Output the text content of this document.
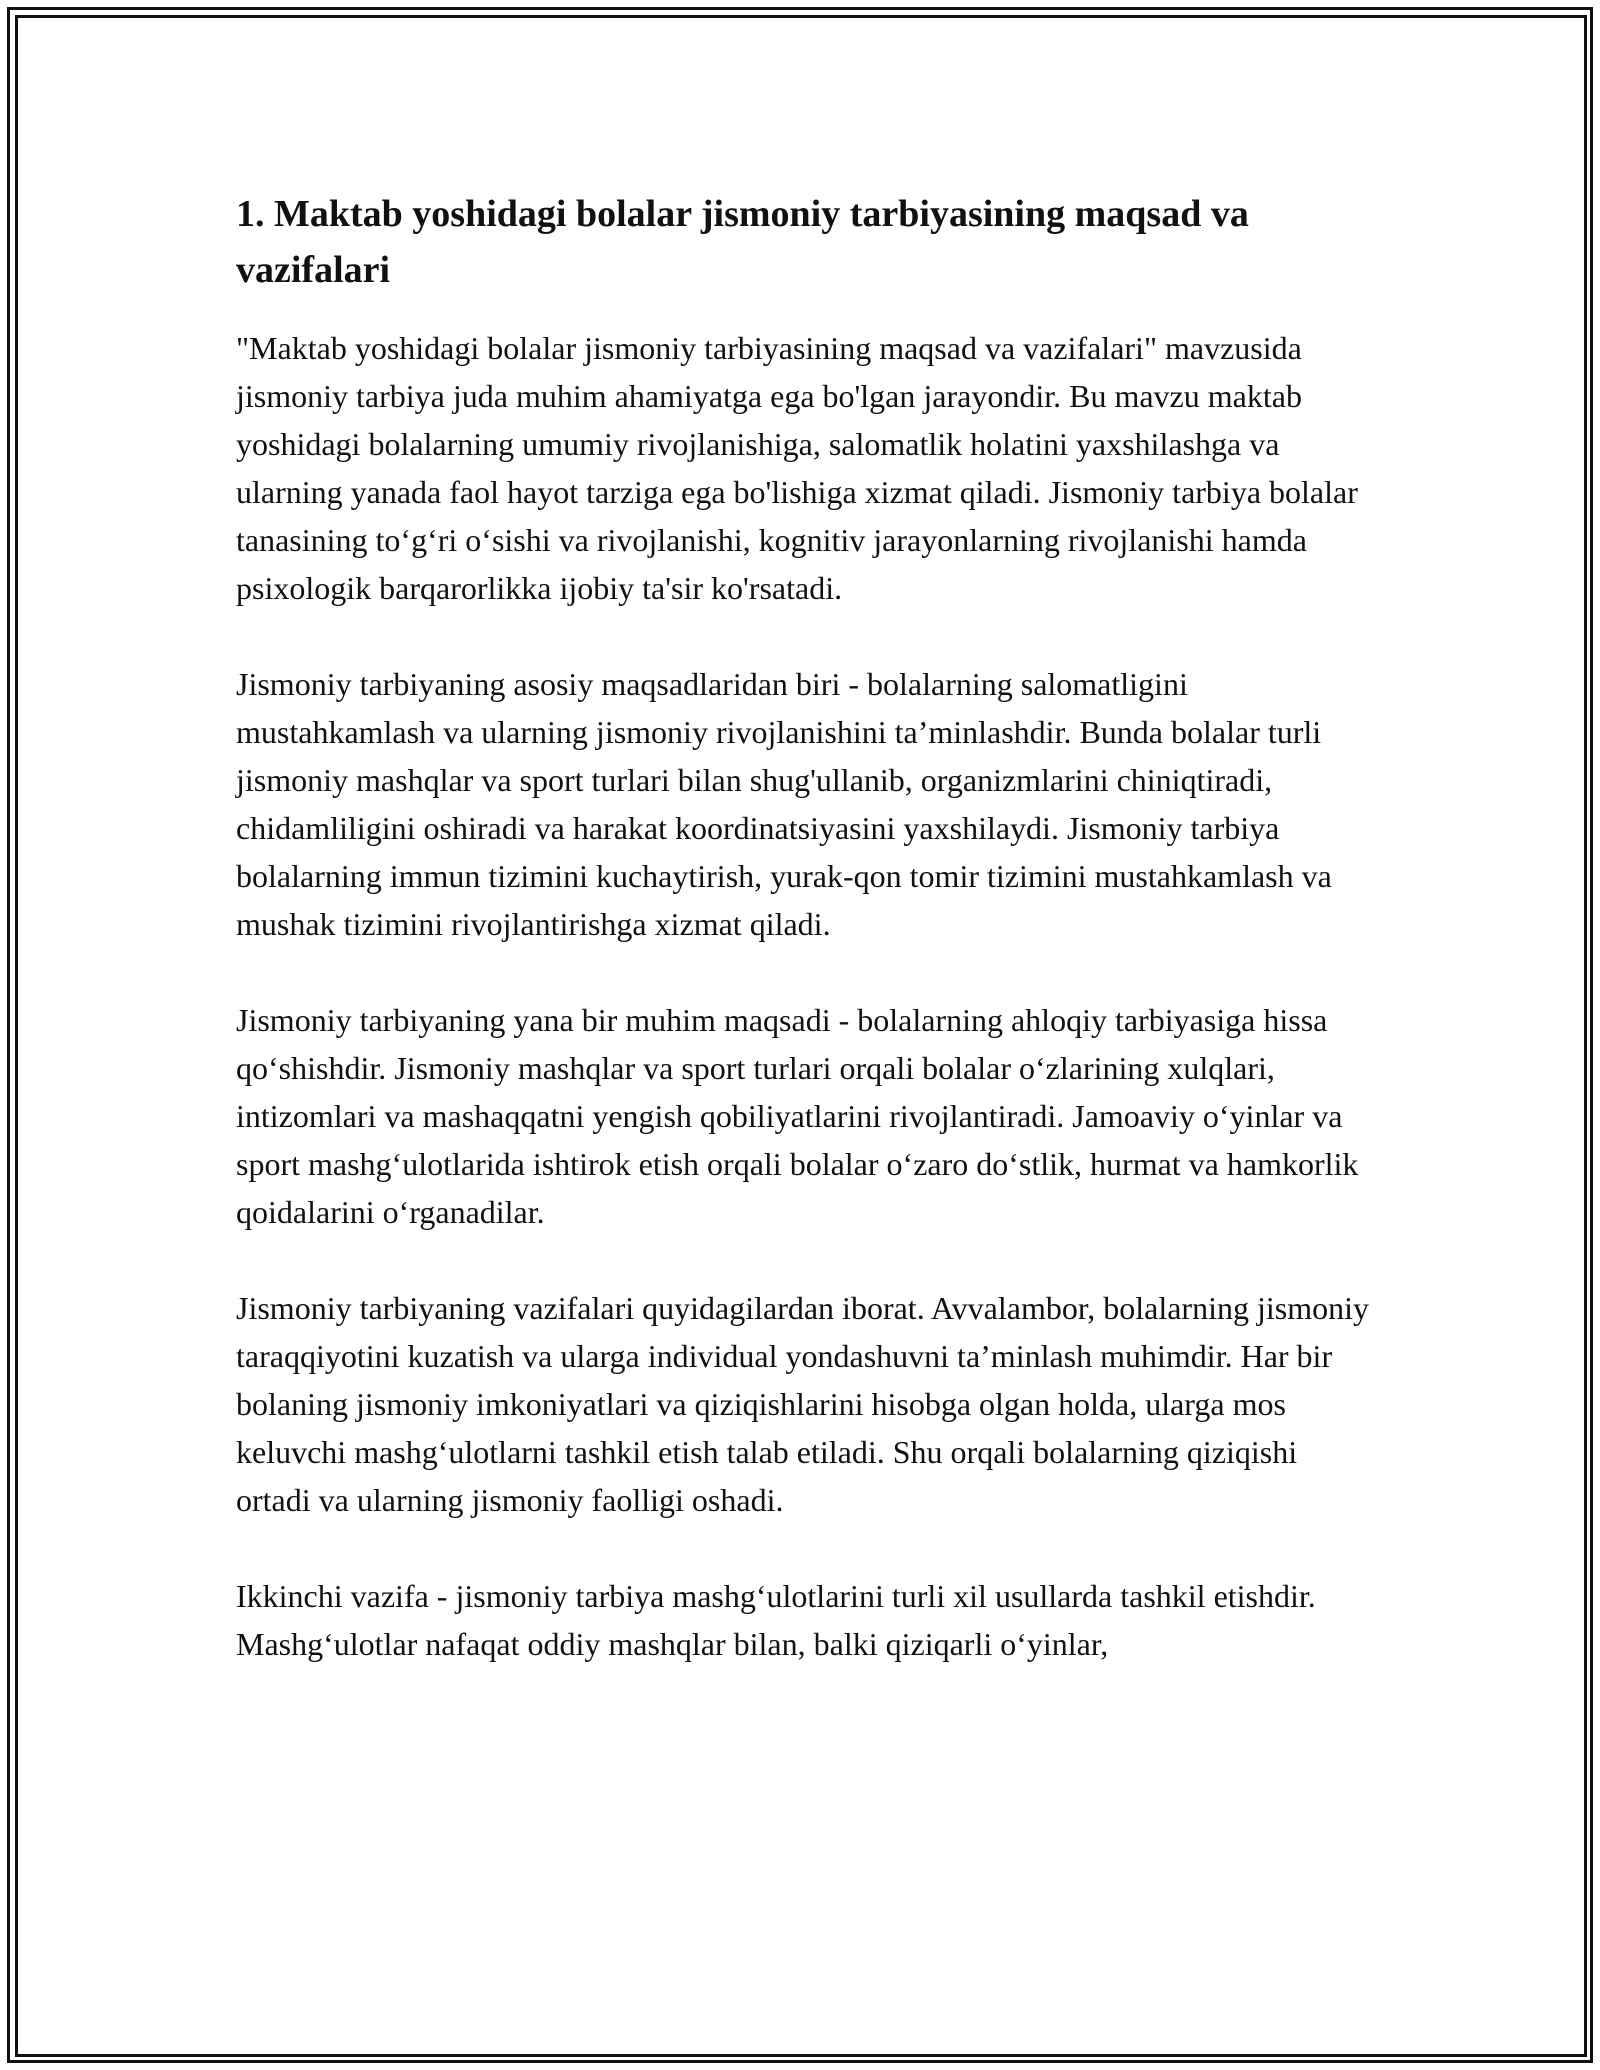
1. Maktab yoshidagi bolalar jismoniy tarbiyasining maqsad va vazifalari

"Maktab yoshidagi bolalar jismoniy tarbiyasining maqsad va vazifalari" mavzusida jismoniy tarbiya juda muhim ahamiyatga ega bo'lgan jarayondir. Bu mavzu maktab yoshidagi bolalarning umumiy rivojlanishiga, salomatlik holatini yaxshilashga va ularning yanada faol hayot tarziga ega bo'lishiga xizmat qiladi. Jismoniy tarbiya bolalar tanasining to‘g‘ri o‘sishi va rivojlanishi, kognitiv jarayonlarning rivojlanishi hamda psixologik barqarorlikka ijobiy ta'sir ko'rsatadi.

Jismoniy tarbiyaning asosiy maqsadlaridan biri - bolalarning salomatligini mustahkamlash va ularning jismoniy rivojlanishini ta’minlashdir. Bunda bolalar turli jismoniy mashqlar va sport turlari bilan shug'ullanib, organizmlarini chiniqtiradi, chidamliligini oshiradi va harakat koordinatsiyasini yaxshilaydi. Jismoniy tarbiya bolalarning immun tizimini kuchaytirish, yurak-qon tomir tizimini mustahkamlash va mushak tizimini rivojlantirishga xizmat qiladi.

Jismoniy tarbiyaning yana bir muhim maqsadi - bolalarning ahloqiy tarbiyasiga hissa qo‘shishdir. Jismoniy mashqlar va sport turlari orqali bolalar o‘zlarining xulqlari, intizomlari va mashaqqatni yengish qobiliyatlarini rivojlantiradi. Jamoaviy o‘yinlar va sport mashg‘ulotlarida ishtirok etish orqali bolalar o‘zaro do‘stlik, hurmat va hamkorlik qoidalarini o‘rganadilar.

Jismoniy tarbiyaning vazifalari quyidagilardan iborat. Avvalambor, bolalarning jismoniy taraqqiyotini kuzatish va ularga individual yondashuvni ta’minlash muhimdir. Har bir bolaning jismoniy imkoniyatlari va qiziqishlarini hisobga olgan holda, ularga mos keluvchi mashg‘ulotlarni tashkil etish talab etiladi. Shu orqali bolalarning qiziqishi ortadi va ularning jismoniy faolligi oshadi.

Ikkinchi vazifa - jismoniy tarbiya mashg‘ulotlarini turli xil usullarda tashkil etishdir. Mashg‘ulotlar nafaqat oddiy mashqlar bilan, balki qiziqarli o‘yinlar,
